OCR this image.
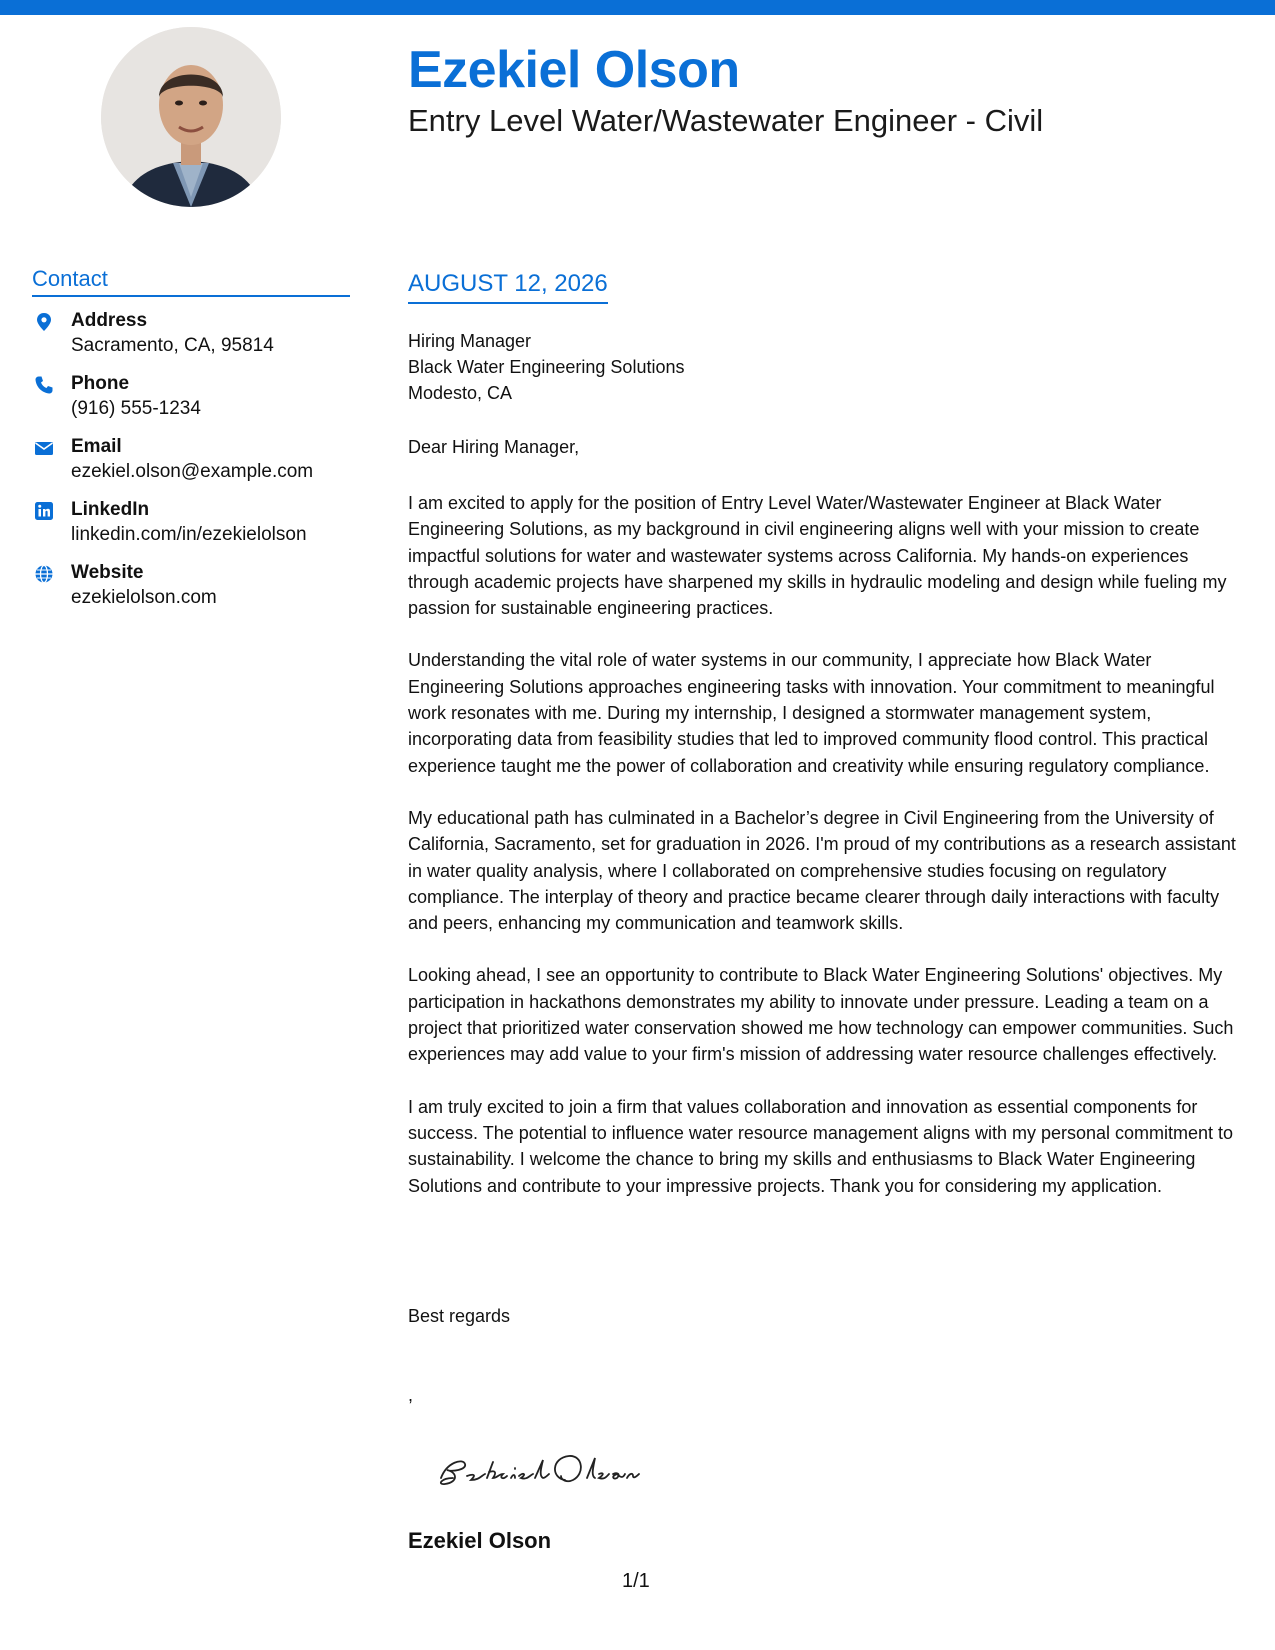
Ezekiel Olson
Entry Level Water/Wastewater Engineer - Civil
Contact
Address
Sacramento, CA, 95814
Phone
(916) 555-1234
Email
ezekiel.olson@example.com
LinkedIn
linkedin.com/in/ezekielolson
Website
ezekielolson.com
AUGUST 12, 2026
Hiring Manager
Black Water Engineering Solutions
Modesto, CA
Dear Hiring Manager,

I am excited to apply for the position of Entry Level Water/Wastewater Engineer at Black Water Engineering Solutions, as my background in civil engineering aligns well with your mission to create impactful solutions for water and wastewater systems across California. My hands-on experiences through academic projects have sharpened my skills in hydraulic modeling and design while fueling my passion for sustainable engineering practices.

Understanding the vital role of water systems in our community, I appreciate how Black Water Engineering Solutions approaches engineering tasks with innovation. Your commitment to meaningful work resonates with me. During my internship, I designed a stormwater management system, incorporating data from feasibility studies that led to improved community flood control. This practical experience taught me the power of collaboration and creativity while ensuring regulatory compliance.

My educational path has culminated in a Bachelor’s degree in Civil Engineering from the University of California, Sacramento, set for graduation in 2026. I'm proud of my contributions as a research assistant in water quality analysis, where I collaborated on comprehensive studies focusing on regulatory compliance. The interplay of theory and practice became clearer through daily interactions with faculty and peers, enhancing my communication and teamwork skills.

Looking ahead, I see an opportunity to contribute to Black Water Engineering Solutions' objectives. My participation in hackathons demonstrates my ability to innovate under pressure. Leading a team on a project that prioritized water conservation showed me how technology can empower communities. Such experiences may add value to your firm's mission of addressing water resource challenges effectively.

I am truly excited to join a firm that values collaboration and innovation as essential components for success. The potential to influence water resource management aligns with my personal commitment to sustainability. I welcome the chance to bring my skills and enthusiasms to Black Water Engineering Solutions and contribute to your impressive projects. Thank you for considering my application.

Best regards
,
Ezekiel Olson
1/1
